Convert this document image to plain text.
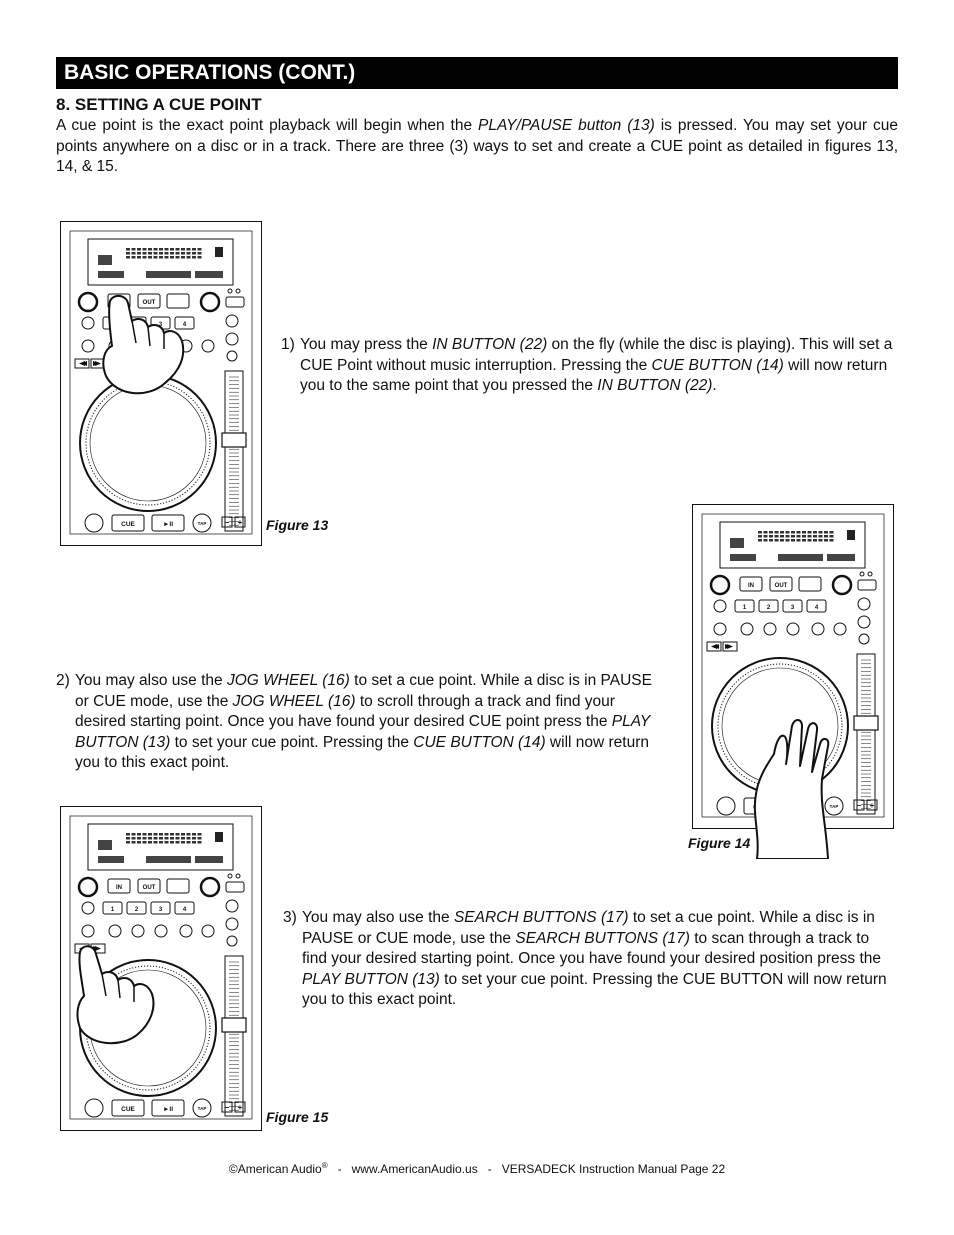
BASIC OPERATIONS (CONT.)
8. SETTING A CUE POINT
A cue point is the exact point playback will begin when the PLAY/PAUSE button (13) is pressed. You may set your cue points anywhere on a disc or in a track. There are three (3) ways to set and create a CUE point as detailed in figures 13, 14, & 15.
1) You may press the IN BUTTON (22) on the fly (while the disc is playing). This will set a CUE Point without music interruption. Pressing the CUE BUTTON (14) will now return you to the same point that you pressed the IN BUTTON (22).
2) You may also use the JOG WHEEL (16) to set a cue point. While a disc is in PAUSE or CUE mode, use the JOG WHEEL (16) to scroll through a track and find your desired starting point. Once you have found your desired CUE point press the PLAY BUTTON (13) to set your cue point. Pressing the CUE BUTTON (14) will now return you to this exact point.
3) You may also use the SEARCH BUTTONS (17) to set a cue point. While a disc is in PAUSE or CUE mode, use the SEARCH BUTTONS (17) to scan through a track to find your desired starting point. Once you have found your desired position press the PLAY BUTTON (13) to set your cue point. Pressing the CUE BUTTON will now return you to this exact point.
OUT
3	4
CUE	►II	TAP − + Figure 13
IN	OUT
1	2	3	4
TAP − +
Figure 14
IN	OUT
1	2	3	4
CUE	►II	TAP − +
Figure 15
©American Audio®   -   www.AmericanAudio.us   -   VERSADECK Instruction Manual Page 22
